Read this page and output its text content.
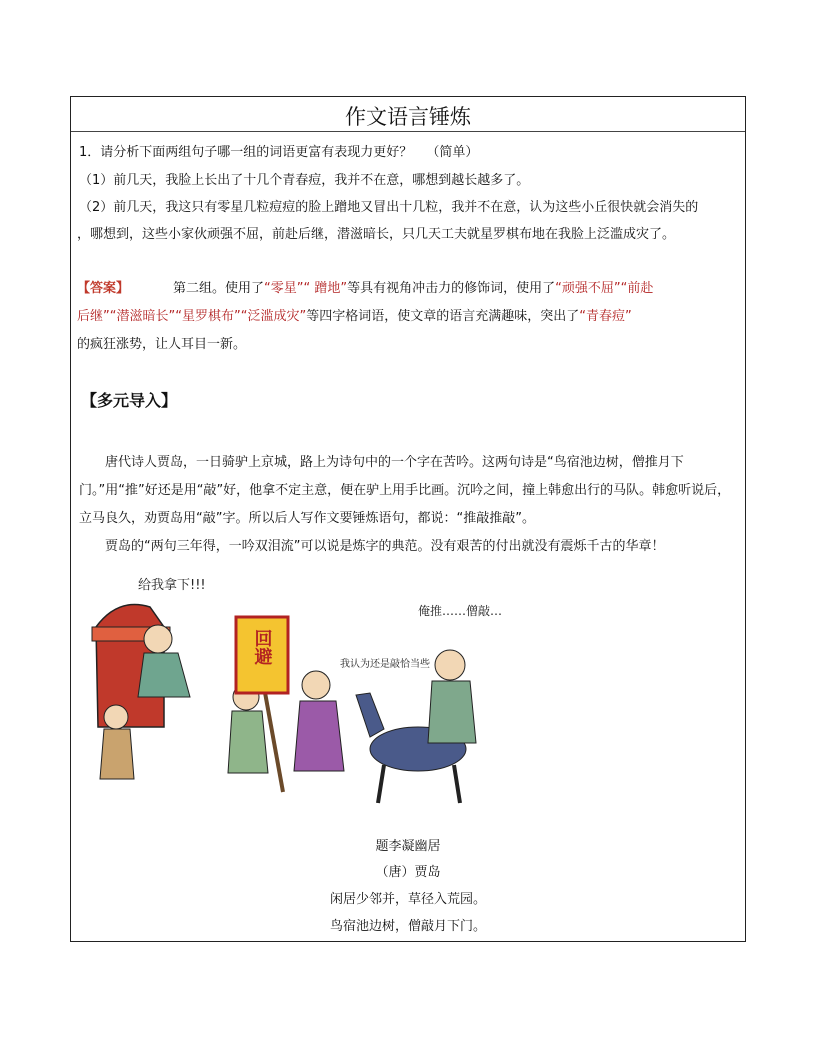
作文语言锤炼
1．请分析下面两组句子哪一组的词语更富有表现力更好？ （简单）
（1）前几天，我脸上长出了十几个青春痘，我并不在意，哪想到越长越多了。
（2）前几天，我这只有零星几粒痘痘的脸上蹭地又冒出十几粒，我并不在意，认为这些小丘很快就会消失的
，哪想到，这些小家伙顽强不屈，前赴后继，潜滋暗长，只几天工夫就星罗棋布地在我脸上泛滥成灾了。
【答案】	第二组。使用了“零星”“ 蹭地”等具有视角冲击力的修饰词，使用了“顽强不屈”“前赴
后继”“潜滋暗长”“星罗棋布”“泛滥成灾”等四字格词语，使文章的语言充满趣味，突出了“青春痘”
的疯狂涨势，让人耳目一新。
【多元导入】
唐代诗人贾岛，一日骑驴上京城，路上为诗句中的一个字在苦吟。这两句诗是“鸟宿池边树，僧推月下门。”用“推”好还是用“敲”好，他拿不定主意，便在驴上用手比画。沉吟之间，撞上韩愈出行的马队。韩愈听说后，立马良久，劝贾岛用“敲”字。所以后人写作文要锤炼语句，都说：“推敲推敲”。
贾岛的“两句三年得，一吟双泪流”可以说是炼字的典范。没有艰苦的付出就没有震烁千古的华章！
给我拿下!!!
回避	我认为还是敲恰当些
俺推……僧敲…
题李凝幽居
（唐）贾岛
闲居少邻并，草径入荒园。
鸟宿池边树，僧敲月下门。
